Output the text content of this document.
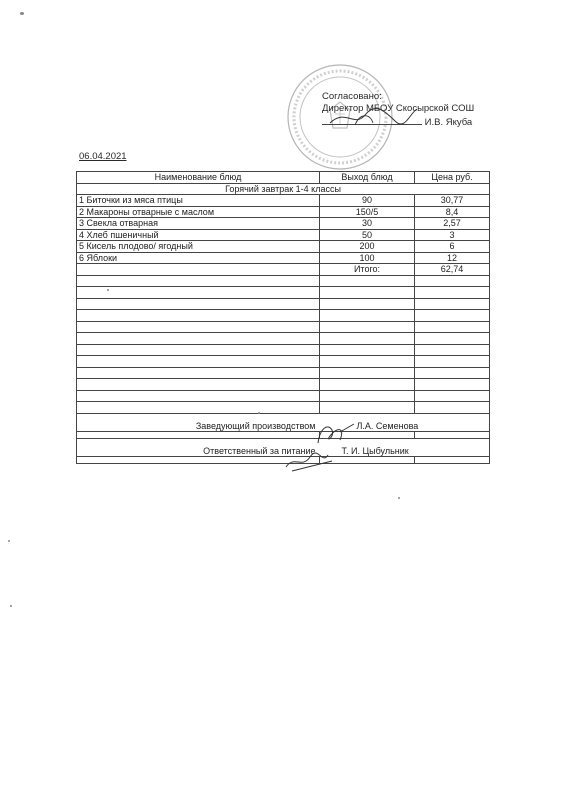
Согласовано:
Директор МБОУ Скосырской СОШ
И.В. Якуба
06.04.2021
Наименование блюд	Выход блюд	Цена руб.
Горячий завтрак 1-4 классы
1 Биточки из мяса птицы	90	30,77
2 Макароны отварные с маслом	150/5	8,4
3 Свекла отварная	30	2,57
4 Хлеб пшеничный	50	3
5 Кисель плодово/ ягодный	200	6
6 Яблоки	100	12
	Итого:	62,74

Заведующий производством		Л.А. Семенова

Ответственный за питание		Т. И. Цыбульник
